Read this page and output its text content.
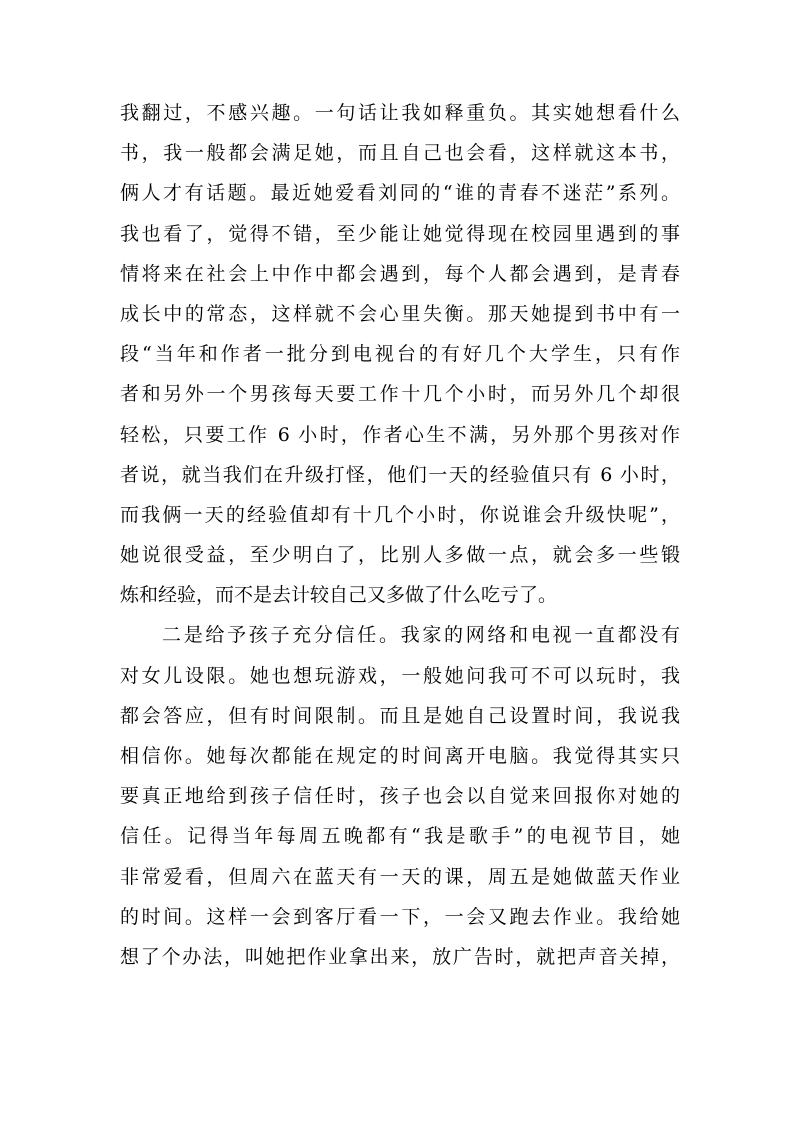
我翻过，不感兴趣。一句话让我如释重负。其实她想看什么
书，我一般都会满足她，而且自己也会看，这样就这本书，
俩人才有话题。最近她爱看刘同的“谁的青春不迷茫”系列。
我也看了，觉得不错，至少能让她觉得现在校园里遇到的事
情将来在社会上中作中都会遇到，每个人都会遇到，是青春
成长中的常态，这样就不会心里失衡。那天她提到书中有一
段“当年和作者一批分到电视台的有好几个大学生，只有作
者和另外一个男孩每天要工作十几个小时，而另外几个却很
轻松，只要工作 6 小时，作者心生不满，另外那个男孩对作
者说，就当我们在升级打怪，他们一天的经验值只有 6 小时，
而我俩一天的经验值却有十几个小时，你说谁会升级快呢”，
她说很受益，至少明白了，比别人多做一点，就会多一些锻
炼和经验，而不是去计较自己又多做了什么吃亏了。
二是给予孩子充分信任。我家的网络和电视一直都没有
对女儿设限。她也想玩游戏，一般她问我可不可以玩时，我
都会答应，但有时间限制。而且是她自己设置时间，我说我
相信你。她每次都能在规定的时间离开电脑。我觉得其实只
要真正地给到孩子信任时，孩子也会以自觉来回报你对她的
信任。记得当年每周五晚都有“我是歌手”的电视节目，她
非常爱看，但周六在蓝天有一天的课，周五是她做蓝天作业
的时间。这样一会到客厅看一下，一会又跑去作业。我给她
想了个办法，叫她把作业拿出来，放广告时，就把声音关掉，
